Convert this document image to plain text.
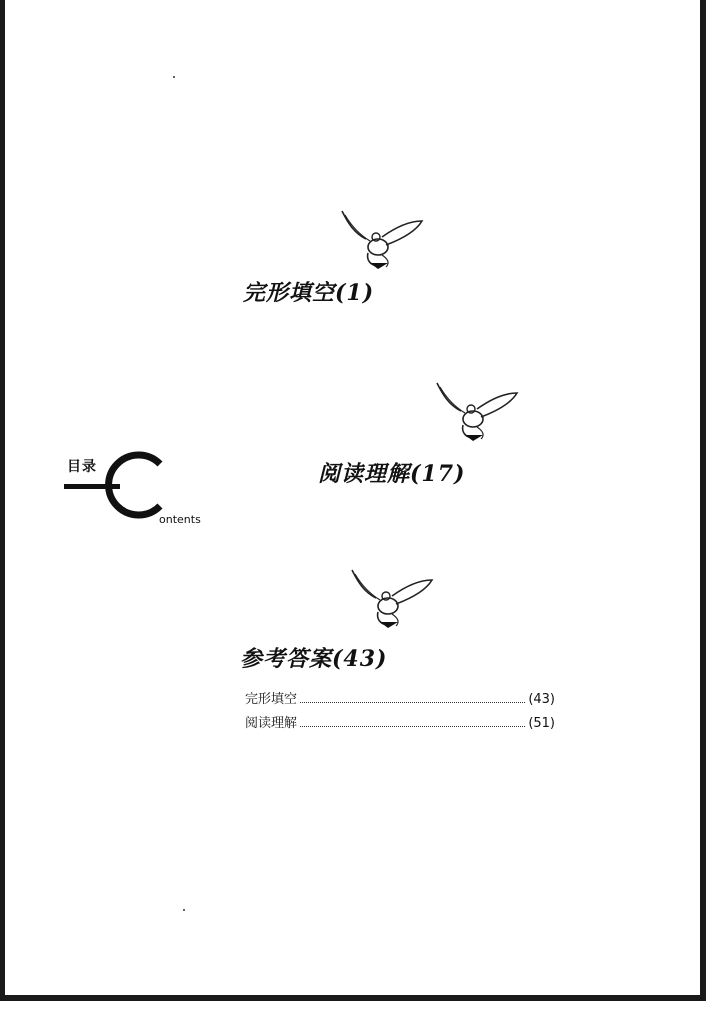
目录
ontents
完形填空(1)
阅读理解(17)
参考答案(43)
完形填空	(43)
阅读理解	(51)
